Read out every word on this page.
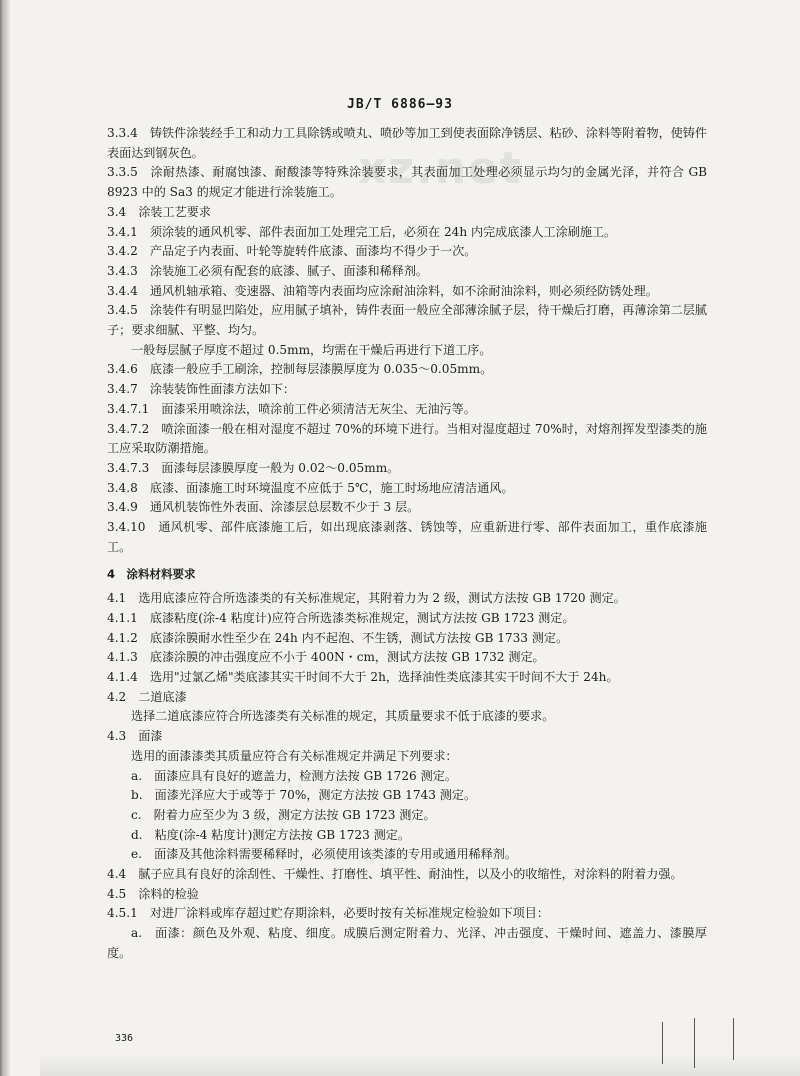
xz.net
JB/T 6886—93

3.3.4　铸铁件涂装经手工和动力工具除锈或喷丸、喷砂等加工到使表面除净锈层、粘砂、涂料等附着物，使铸件表面达到钢灰色。

3.3.5　涂耐热漆、耐腐蚀漆、耐酸漆等特殊涂装要求，其表面加工处理必须显示均匀的金属光泽，并符合 GB 8923 中的 Sa3 的规定才能进行涂装施工。

3.4　涂装工艺要求

3.4.1　须涂装的通风机零、部件表面加工处理完工后，必须在 24h 内完成底漆人工涂刷施工。

3.4.2　产品定子内表面、叶轮等旋转件底漆、面漆均不得少于一次。

3.4.3　涂装施工必须有配套的底漆、腻子、面漆和稀释剂。

3.4.4　通风机轴承箱、变速器、油箱等内表面均应涂耐油涂料，如不涂耐油涂料，则必须经防锈处理。

3.4.5　涂装件有明显凹陷处，应用腻子填补，铸件表面一般应全部薄涂腻子层，待干燥后打磨，再薄涂第二层腻子；要求细腻、平整、均匀。

一般每层腻子厚度不超过 0.5mm，均需在干燥后再进行下道工序。

3.4.6　底漆一般应手工刷涂，控制每层漆膜厚度为 0.035～0.05mm。

3.4.7　涂装装饰性面漆方法如下：

3.4.7.1　面漆采用喷涂法，喷涂前工件必须清洁无灰尘、无油污等。

3.4.7.2　喷涂面漆一般在相对湿度不超过 70%的环境下进行。当相对湿度超过 70%时，对熔剂挥发型漆类的施工应采取防潮措施。

3.4.7.3　面漆每层漆膜厚度一般为 0.02～0.05mm。

3.4.8　底漆、面漆施工时环境温度不应低于 5℃，施工时场地应清洁通风。

3.4.9　通风机装饰性外表面、涂漆层总层数不少于 3 层。

3.4.10　通风机零、部件底漆施工后，如出现底漆剥落、锈蚀等，应重新进行零、部件表面加工，重作底漆施工。

4　涂料材料要求

4.1　选用底漆应符合所选漆类的有关标准规定，其附着力为 2 级，测试方法按 GB 1720 测定。

4.1.1　底漆粘度(涂-4 粘度计)应符合所选漆类标准规定，测试方法按 GB 1723 测定。

4.1.2　底漆涂膜耐水性至少在 24h 内不起泡、不生锈，测试方法按 GB 1733 测定。

4.1.3　底漆涂膜的冲击强度应不小于 400N・cm，测试方法按 GB 1732 测定。

4.1.4　选用"过氯乙烯"类底漆其实干时间不大于 2h，选择油性类底漆其实干时间不大于 24h。

4.2　二道底漆

选择二道底漆应符合所选漆类有关标准的规定，其质量要求不低于底漆的要求。

4.3　面漆

选用的面漆漆类其质量应符合有关标准规定并满足下列要求：

a.　面漆应具有良好的遮盖力，检测方法按 GB 1726 测定。

b.　面漆光泽应大于或等于 70%，测定方法按 GB 1743 测定。

c.　附着力应至少为 3 级，测定方法按 GB 1723 测定。

d.　粘度(涂-4 粘度计)测定方法按 GB 1723 测定。

e.　面漆及其他涂料需要稀释时，必须使用该类漆的专用或通用稀释剂。

4.4　腻子应具有良好的涂刮性、干燥性、打磨性、填平性、耐油性，以及小的收缩性，对涂料的附着力强。

4.5　涂料的检验

4.5.1　对进厂涂料或库存超过贮存期涂料，必要时按有关标准规定检验如下项目：

a.　面漆：颜色及外观、粘度、细度。成膜后测定附着力、光泽、冲击强度、干燥时间、遮盖力、漆膜厚度。

336
